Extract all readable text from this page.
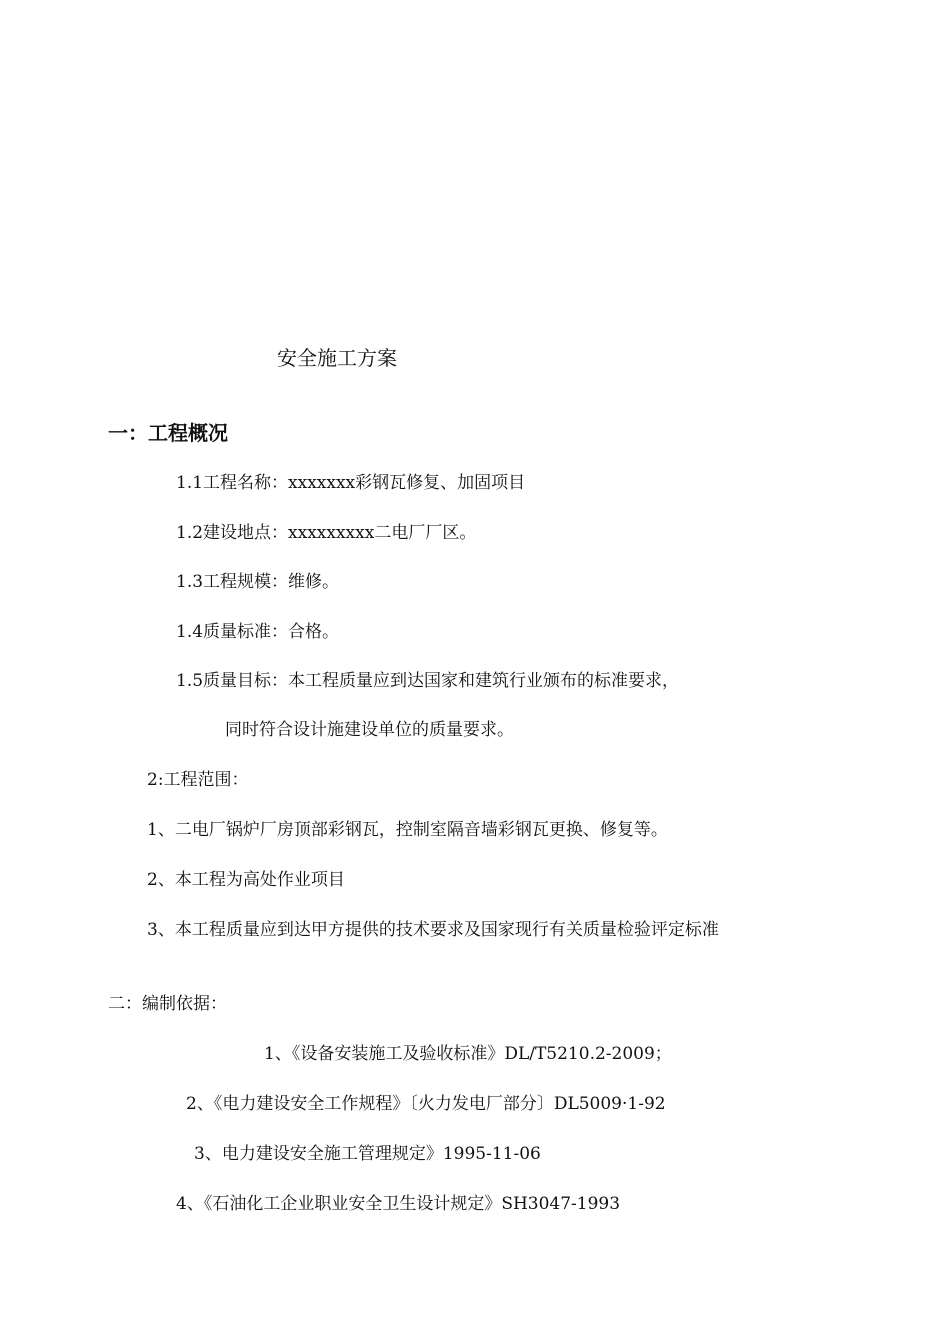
安全施工方案
一：工程概况
1.1工程名称：xxxxxxx彩钢瓦修复、加固项目
1.2建设地点：xxxxxxxxx二电厂厂区。
1.3工程规模：维修。
1.4质量标准：合格。
1.5质量目标：本工程质量应到达国家和建筑行业颁布的标准要求，
同时符合设计施建设单位的质量要求。
2:工程范围：
1、二电厂锅炉厂房顶部彩钢瓦，控制室隔音墙彩钢瓦更换、修复等。
2、本工程为高处作业项目
3、本工程质量应到达甲方提供的技术要求及国家现行有关质量检验评定标准
二：编制依据：
1、《设备安装施工及验收标准》DL/T5210.2-2009；
2、《电力建设安全工作规程》〔火力发电厂部分〕DL5009·1-92
3、电力建设安全施工管理规定》1995-11-06
4、《石油化工企业职业安全卫生设计规定》SH3047-1993
